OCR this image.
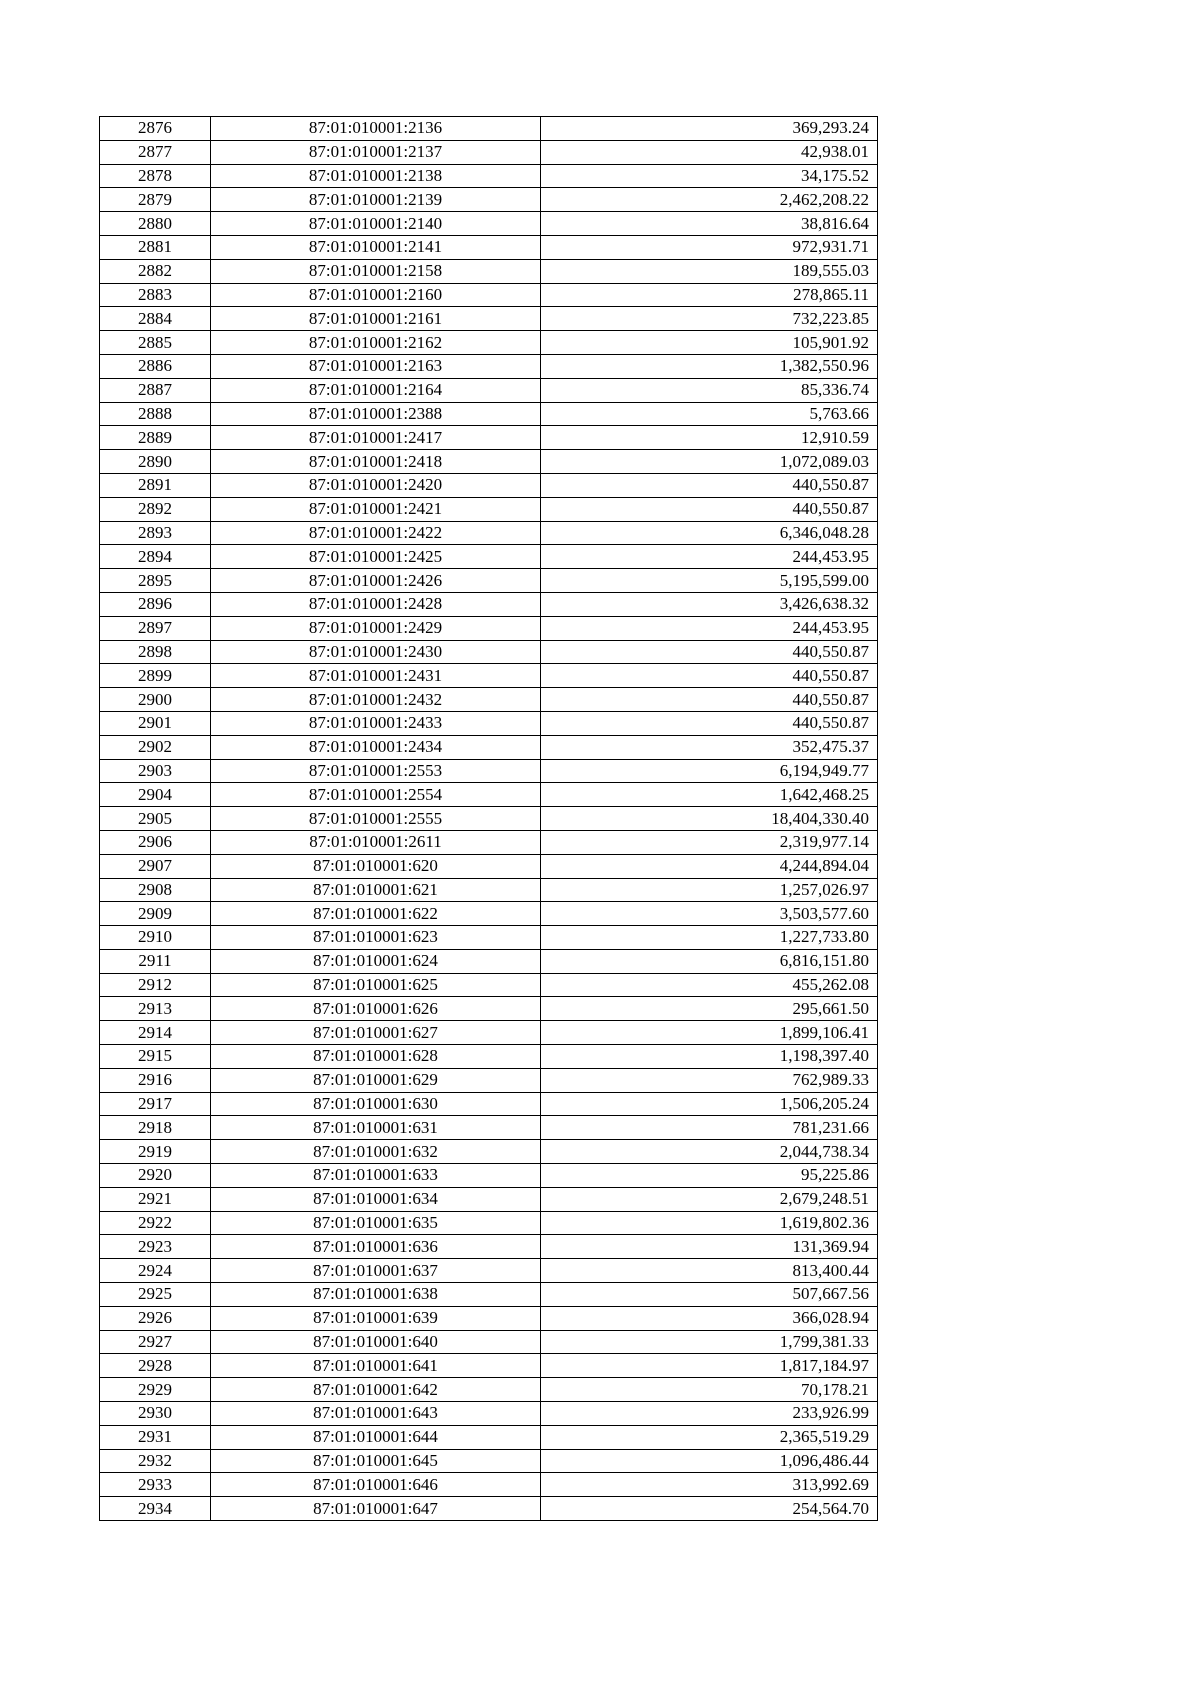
2876	87:01:010001:2136	369,293.24
2877	87:01:010001:2137	42,938.01
2878	87:01:010001:2138	34,175.52
2879	87:01:010001:2139	2,462,208.22
2880	87:01:010001:2140	38,816.64
2881	87:01:010001:2141	972,931.71
2882	87:01:010001:2158	189,555.03
2883	87:01:010001:2160	278,865.11
2884	87:01:010001:2161	732,223.85
2885	87:01:010001:2162	105,901.92
2886	87:01:010001:2163	1,382,550.96
2887	87:01:010001:2164	85,336.74
2888	87:01:010001:2388	5,763.66
2889	87:01:010001:2417	12,910.59
2890	87:01:010001:2418	1,072,089.03
2891	87:01:010001:2420	440,550.87
2892	87:01:010001:2421	440,550.87
2893	87:01:010001:2422	6,346,048.28
2894	87:01:010001:2425	244,453.95
2895	87:01:010001:2426	5,195,599.00
2896	87:01:010001:2428	3,426,638.32
2897	87:01:010001:2429	244,453.95
2898	87:01:010001:2430	440,550.87
2899	87:01:010001:2431	440,550.87
2900	87:01:010001:2432	440,550.87
2901	87:01:010001:2433	440,550.87
2902	87:01:010001:2434	352,475.37
2903	87:01:010001:2553	6,194,949.77
2904	87:01:010001:2554	1,642,468.25
2905	87:01:010001:2555	18,404,330.40
2906	87:01:010001:2611	2,319,977.14
2907	87:01:010001:620	4,244,894.04
2908	87:01:010001:621	1,257,026.97
2909	87:01:010001:622	3,503,577.60
2910	87:01:010001:623	1,227,733.80
2911	87:01:010001:624	6,816,151.80
2912	87:01:010001:625	455,262.08
2913	87:01:010001:626	295,661.50
2914	87:01:010001:627	1,899,106.41
2915	87:01:010001:628	1,198,397.40
2916	87:01:010001:629	762,989.33
2917	87:01:010001:630	1,506,205.24
2918	87:01:010001:631	781,231.66
2919	87:01:010001:632	2,044,738.34
2920	87:01:010001:633	95,225.86
2921	87:01:010001:634	2,679,248.51
2922	87:01:010001:635	1,619,802.36
2923	87:01:010001:636	131,369.94
2924	87:01:010001:637	813,400.44
2925	87:01:010001:638	507,667.56
2926	87:01:010001:639	366,028.94
2927	87:01:010001:640	1,799,381.33
2928	87:01:010001:641	1,817,184.97
2929	87:01:010001:642	70,178.21
2930	87:01:010001:643	233,926.99
2931	87:01:010001:644	2,365,519.29
2932	87:01:010001:645	1,096,486.44
2933	87:01:010001:646	313,992.69
2934	87:01:010001:647	254,564.70
